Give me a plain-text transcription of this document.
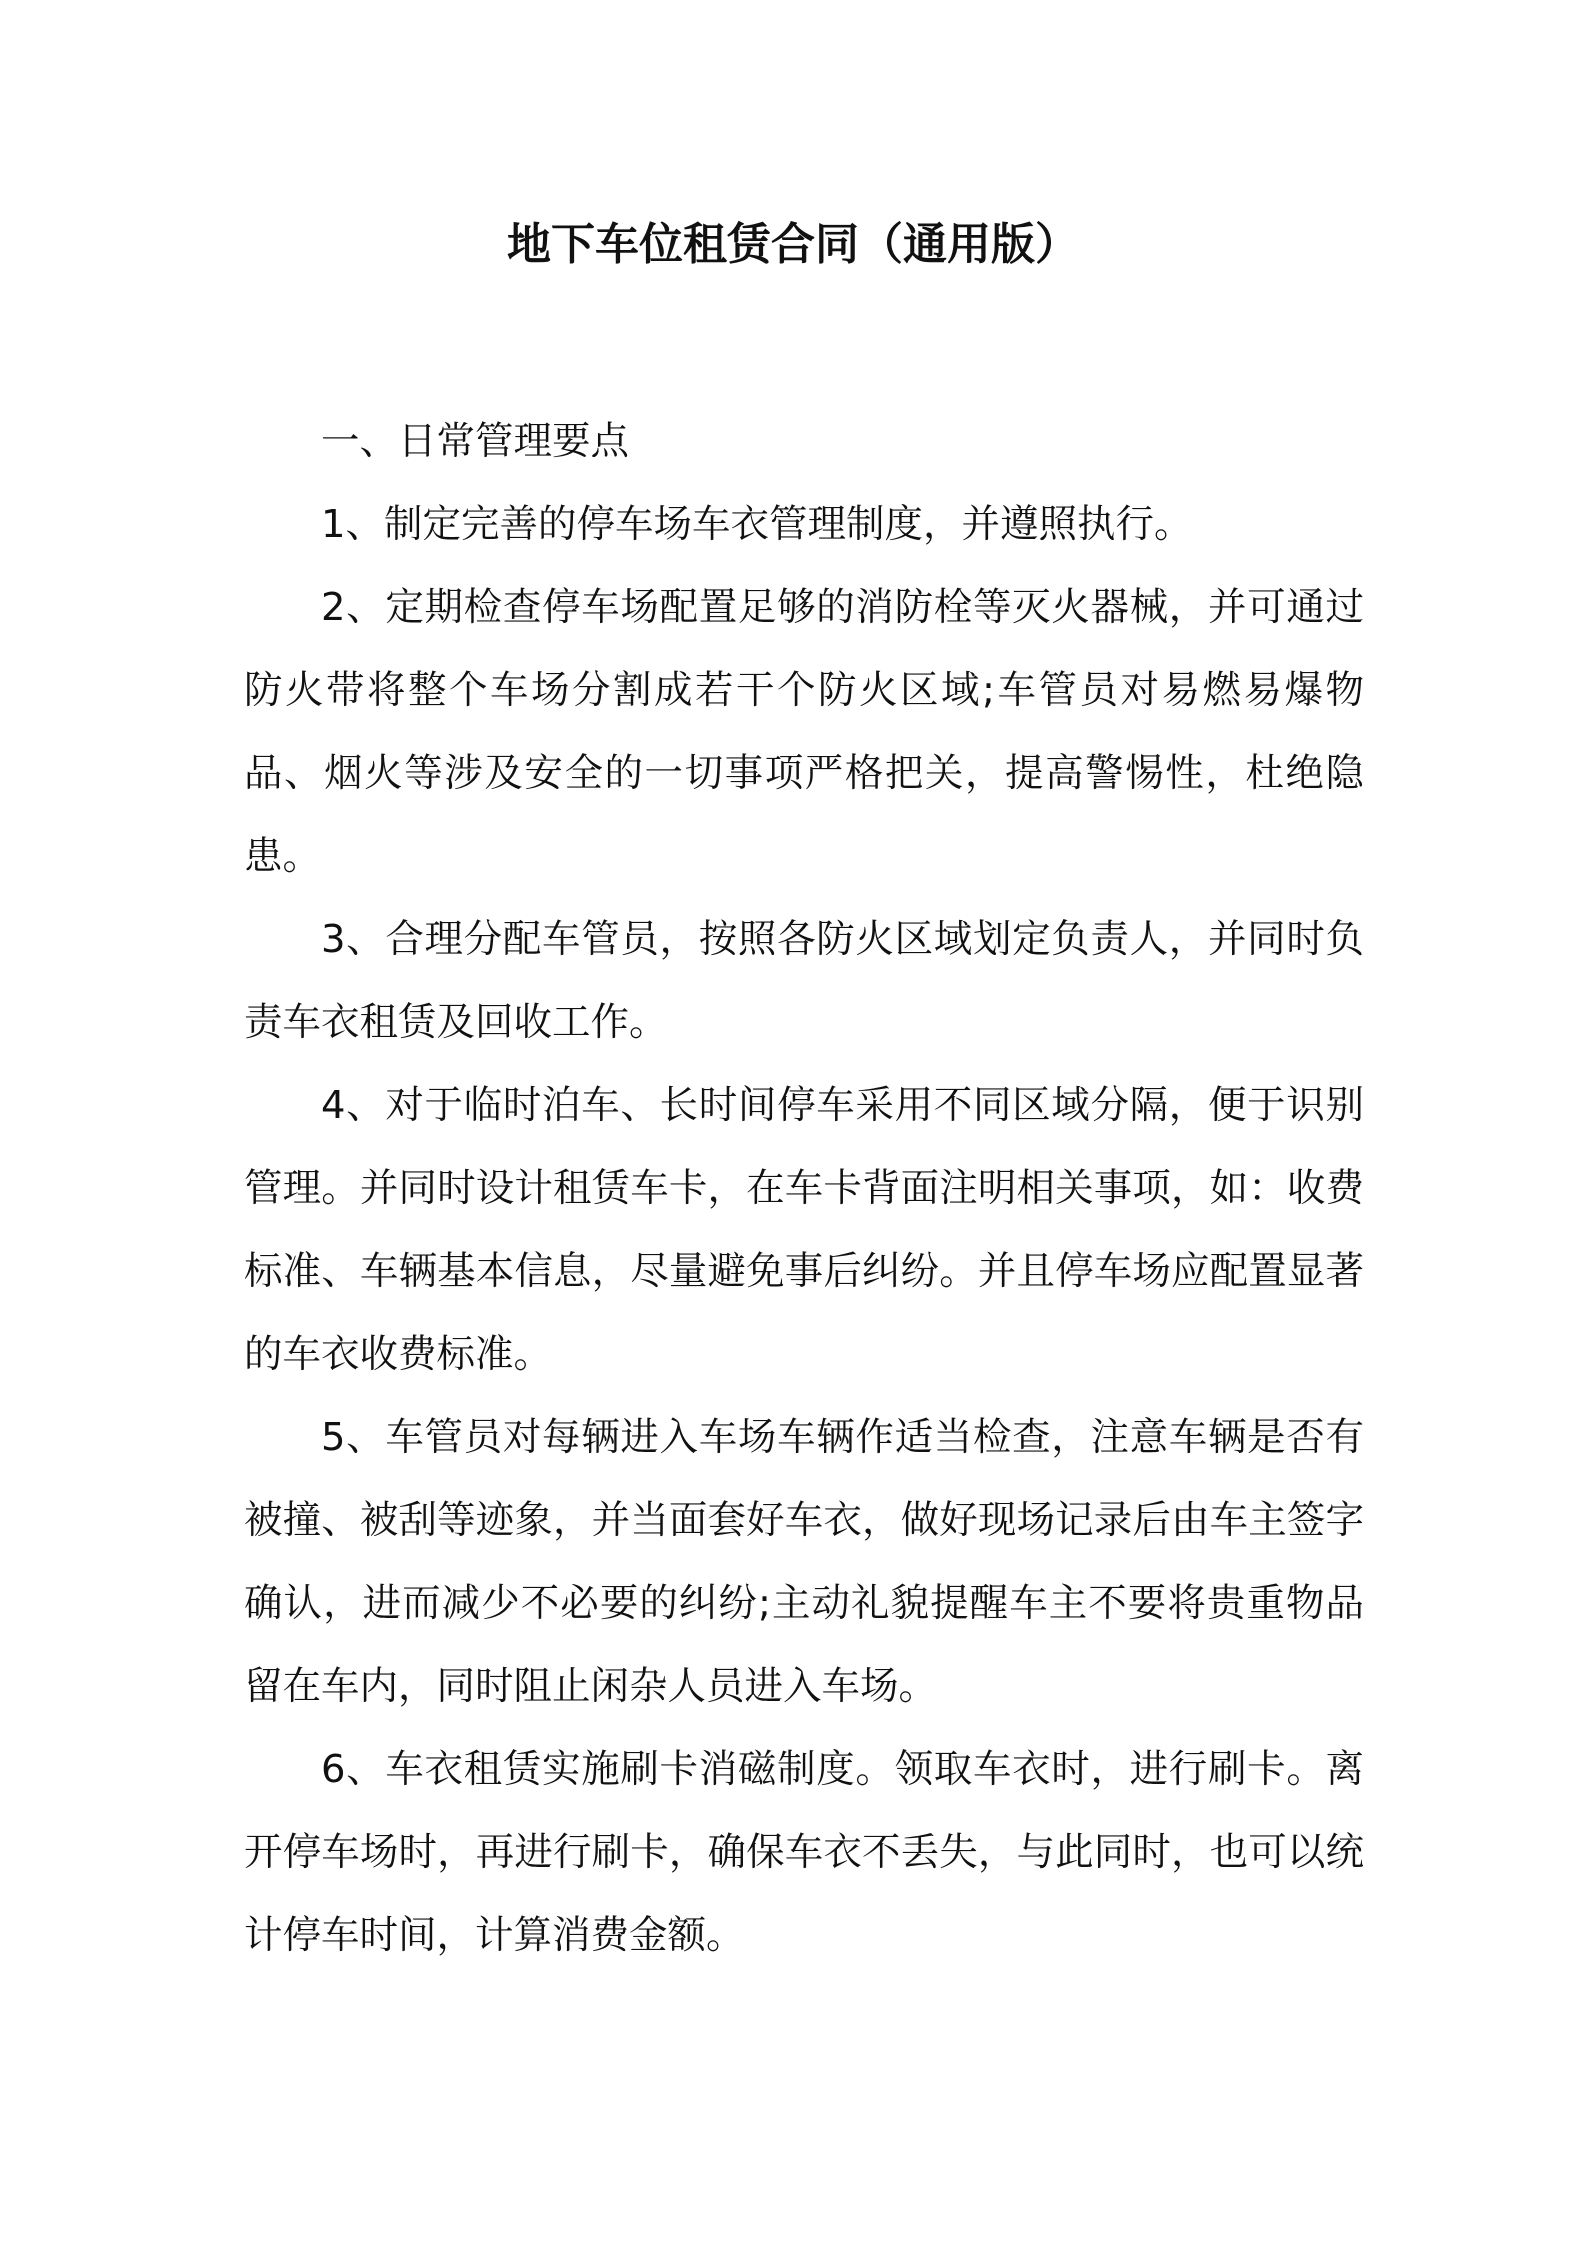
地下车位租赁合同（通用版）

一、日常管理要点

1、制定完善的停车场车衣管理制度，并遵照执行。

2、定期检查停车场配置足够的消防栓等灭火器械，并可通过防火带将整个车场分割成若干个防火区域;车管员对易燃易爆物品、烟火等涉及安全的一切事项严格把关，提高警惕性，杜绝隐患。

3、合理分配车管员，按照各防火区域划定负责人，并同时负责车衣租赁及回收工作。

4、对于临时泊车、长时间停车采用不同区域分隔，便于识别管理。并同时设计租赁车卡，在车卡背面注明相关事项，如：收费标准、车辆基本信息，尽量避免事后纠纷。并且停车场应配置显著的车衣收费标准。

5、车管员对每辆进入车场车辆作适当检查，注意车辆是否有被撞、被刮等迹象，并当面套好车衣，做好现场记录后由车主签字确认，进而减少不必要的纠纷;主动礼貌提醒车主不要将贵重物品留在车内，同时阻止闲杂人员进入车场。

6、车衣租赁实施刷卡消磁制度。领取车衣时，进行刷卡。离开停车场时，再进行刷卡，确保车衣不丢失，与此同时，也可以统计停车时间，计算消费金额。
